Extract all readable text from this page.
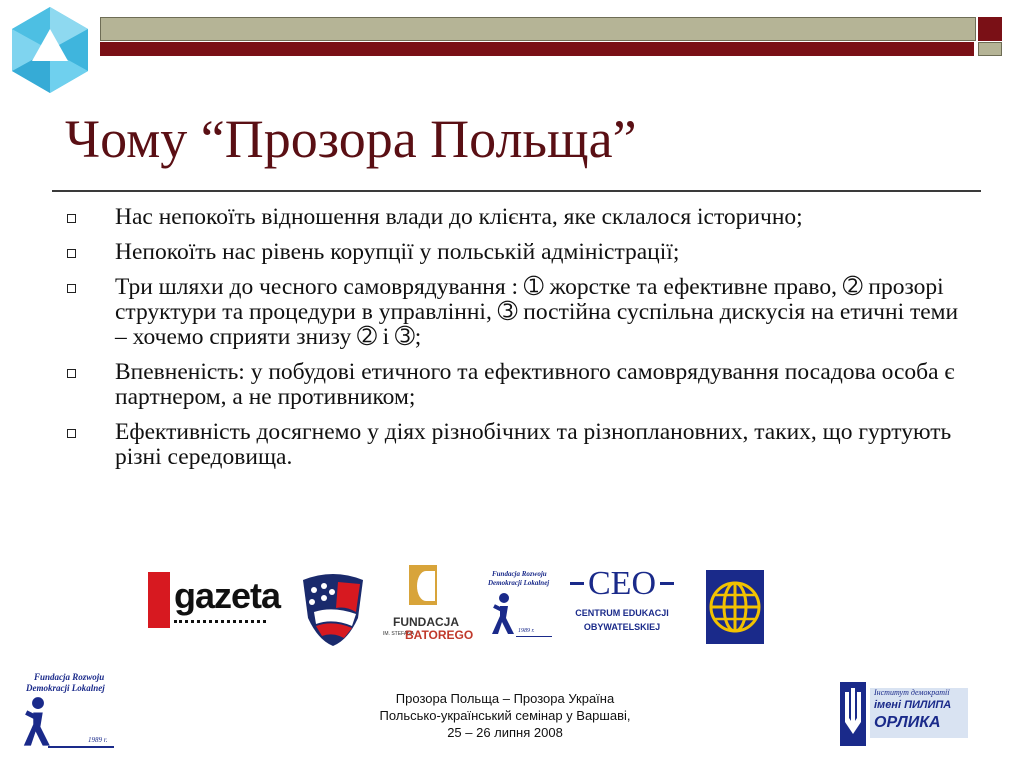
Чому “Прозора Польща”
Нас непокоїть відношення влади до клієнта, яке склалося історично;
Непокоїть нас рівень корупції у польській адміністрації;
Три шляхи до чесного самоврядування : ➀ жорстке та ефективне право, ➁ прозорі структури та процедури в управлінні, ➂ постійна суспільна дискусія на етичні теми – хочемо сприяти знизу ➁ і ➂;
Впевненість: у побудові етичного та ефективного самоврядування посадова особа є партнером, а не противником;
Ефективність досягнемо у діях різнобічних та різноплановних, таких, що гуртують різні середовища.
gazeta
FUNDACJA
IM. STEFANA
BATOREGO
Fundacja Rozwoju
Demokracji Lokalnej
1989 r.
CEO
CENTRUM EDUKACJI
OBYWATELSKIEJ
Fundacja Rozwoju
Demokracji Lokalnej
1989 r.
Прозора Польща – Прозора Україна
Польсько-український семінар у Варшаві,
25 – 26 липня 2008
Інститут демократії
імені ПИЛИПА
ОРЛИКА
